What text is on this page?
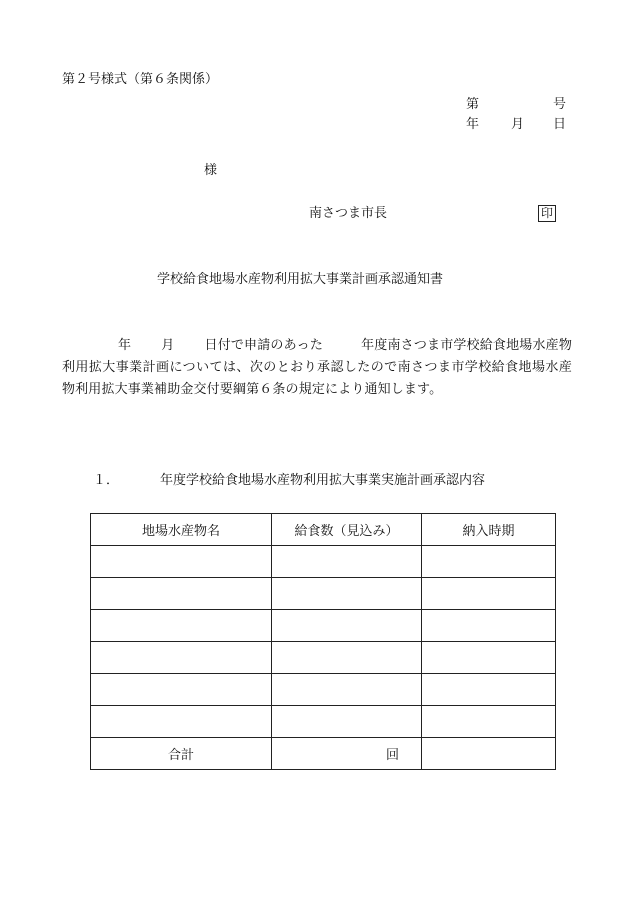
第２号様式（第６条関係）
第	号
年 月 日
様
南さつま市長	印
学校給食地場水産物利用拡大事業計画承認通知書
年 月 日付で申請のあった	年度南さつま市学校給食地場水産物利用拡大事業計画については、次のとおり承認したので南さつま市学校給食地場水産物利用拡大事業補助金交付要綱第６条の規定により通知します。
１．	年度学校給食地場水産物利用拡大事業実施計画承認内容
地場水産物名	給食数（見込み）	納入時期

合計	回	
